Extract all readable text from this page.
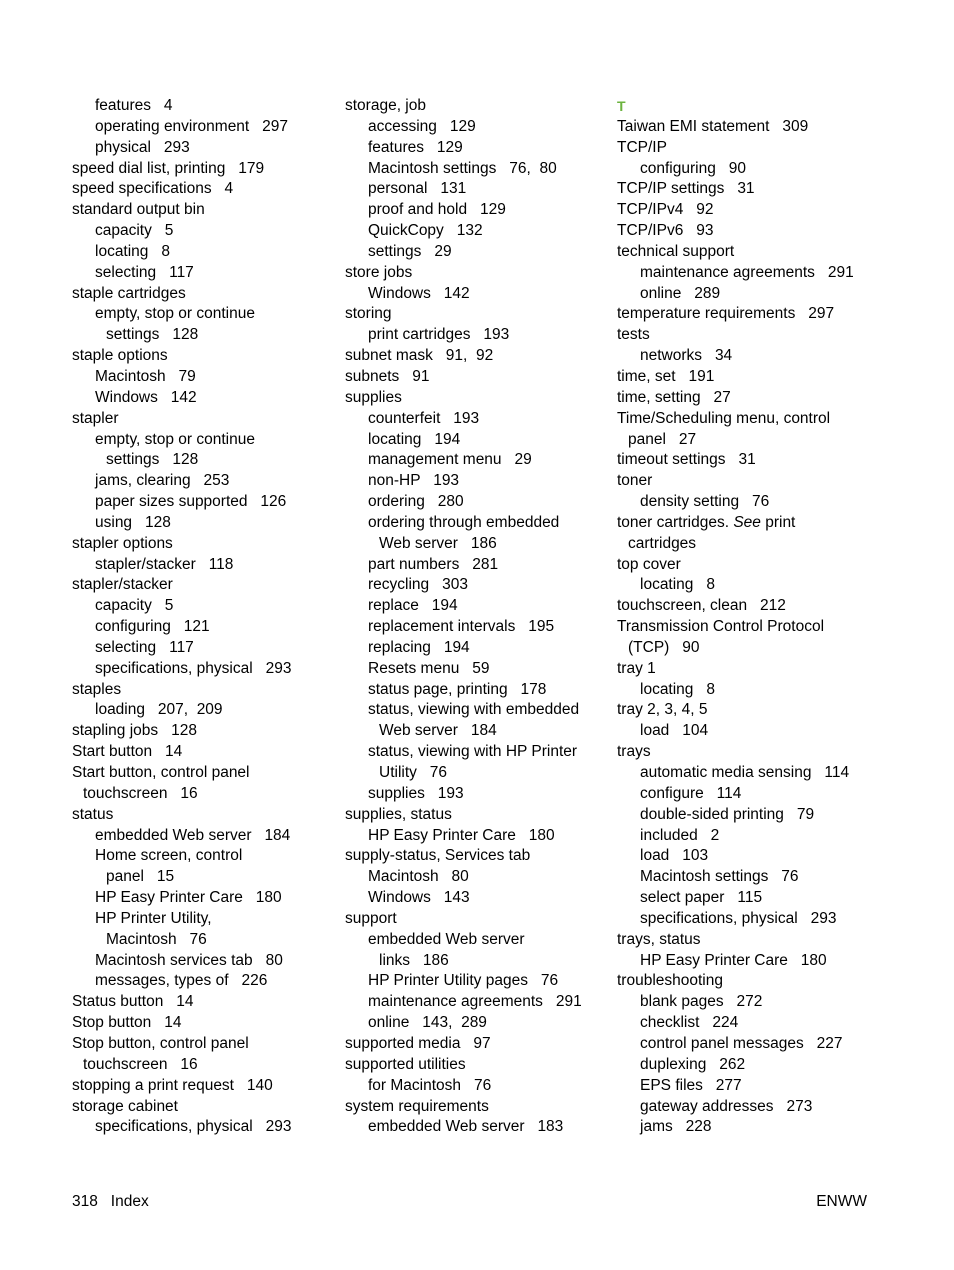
features   4
operating environment   297
physical   293
speed dial list, printing   179
speed specifications   4
standard output bin
capacity   5
locating   8
selecting   117
staple cartridges
empty, stop or continue
settings   128
staple options
Macintosh   79
Windows   142
stapler
empty, stop or continue
settings   128
jams, clearing   253
paper sizes supported   126
using   128
stapler options
stapler/stacker   118
stapler/stacker
capacity   5
configuring   121
selecting   117
specifications, physical   293
staples
loading   207,  209
stapling jobs   128
Start button   14
Start button, control panel
touchscreen   16
status
embedded Web server   184
Home screen, control
panel   15
HP Easy Printer Care   180
HP Printer Utility,
Macintosh   76
Macintosh services tab   80
messages, types of   226
Status button   14
Stop button   14
Stop button, control panel
touchscreen   16
stopping a print request   140
storage cabinet
specifications, physical   293
storage, job
accessing   129
features   129
Macintosh settings   76,  80
personal   131
proof and hold   129
QuickCopy   132
settings   29
store jobs
Windows   142
storing
print cartridges   193
subnet mask   91,  92
subnets   91
supplies
counterfeit   193
locating   194
management menu   29
non-HP   193
ordering   280
ordering through embedded
Web server   186
part numbers   281
recycling   303
replace   194
replacement intervals   195
replacing   194
Resets menu   59
status page, printing   178
status, viewing with embedded
Web server   184
status, viewing with HP Printer
Utility   76
supplies   193
supplies, status
HP Easy Printer Care   180
supply-status, Services tab
Macintosh   80
Windows   143
support
embedded Web server
links   186
HP Printer Utility pages   76
maintenance agreements   291
online   143,  289
supported media   97
supported utilities
for Macintosh   76
system requirements
embedded Web server   183
T
Taiwan EMI statement   309
TCP/IP
configuring   90
TCP/IP settings   31
TCP/IPv4   92
TCP/IPv6   93
technical support
maintenance agreements   291
online   289
temperature requirements   297
tests
networks   34
time, set   191
time, setting   27
Time/Scheduling menu, control
panel   27
timeout settings   31
toner
density setting   76
toner cartridges. See print
cartridges
top cover
locating   8
touchscreen, clean   212
Transmission Control Protocol
(TCP)   90
tray 1
locating   8
tray 2, 3, 4, 5
load   104
trays
automatic media sensing   114
configure   114
double-sided printing   79
included   2
load   103
Macintosh settings   76
select paper   115
specifications, physical   293
trays, status
HP Easy Printer Care   180
troubleshooting
blank pages   272
checklist   224
control panel messages   227
duplexing   262
EPS files   277
gateway addresses   273
jams   228
318   Index	ENWW
